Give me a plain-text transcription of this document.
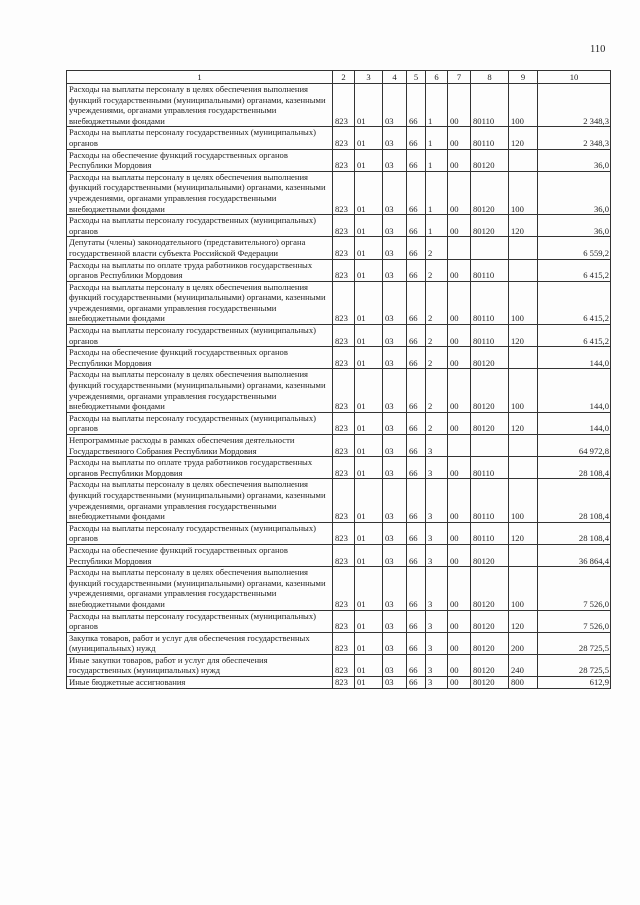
110
1	2	3	4	5	6	7	8	9	10
Расходы на выплаты персоналу в целях обеспечения выполнения функций государственными (муниципальными) органами, казенными учреждениями, органами управления государственными внебюджетными фондами	823	01	03	66	1	00	80110	100	2 348,3
Расходы на выплаты персоналу государственных (муниципальных) органов	823	01	03	66	1	00	80110	120	2 348,3
Расходы на обеспечение функций государственных органов Республики Мордовия	823	01	03	66	1	00	80120		36,0
Расходы на выплаты персоналу в целях обеспечения выполнения функций государственными (муниципальными) органами, казенными учреждениями, органами управления государственными внебюджетными фондами	823	01	03	66	1	00	80120	100	36,0
Расходы на выплаты персоналу государственных (муниципальных) органов	823	01	03	66	1	00	80120	120	36,0
Депутаты (члены) законодательного (представительного) органа государственной власти субъекта Российской Федерации	823	01	03	66	2				6 559,2
Расходы на выплаты по оплате труда работников государственных органов Республики Мордовия	823	01	03	66	2	00	80110		6 415,2
Расходы на выплаты персоналу в целях обеспечения выполнения функций государственными (муниципальными) органами, казенными учреждениями, органами управления государственными внебюджетными фондами	823	01	03	66	2	00	80110	100	6 415,2
Расходы на выплаты персоналу государственных (муниципальных) органов	823	01	03	66	2	00	80110	120	6 415,2
Расходы на обеспечение функций государственных органов Республики Мордовия	823	01	03	66	2	00	80120		144,0
Расходы на выплаты персоналу в целях обеспечения выполнения функций государственными (муниципальными) органами, казенными учреждениями, органами управления государственными внебюджетными фондами	823	01	03	66	2	00	80120	100	144,0
Расходы на выплаты персоналу государственных (муниципальных) органов	823	01	03	66	2	00	80120	120	144,0
Непрограммные расходы в рамках обеспечения деятельности Государственного Собрания Республики Мордовия	823	01	03	66	3				64 972,8
Расходы на выплаты по оплате труда работников государственных органов Республики Мордовия	823	01	03	66	3	00	80110		28 108,4
Расходы на выплаты персоналу в целях обеспечения выполнения функций государственными (муниципальными) органами, казенными учреждениями, органами управления государственными внебюджетными фондами	823	01	03	66	3	00	80110	100	28 108,4
Расходы на выплаты персоналу государственных (муниципальных) органов	823	01	03	66	3	00	80110	120	28 108,4
Расходы на обеспечение функций государственных органов Республики Мордовия	823	01	03	66	3	00	80120		36 864,4
Расходы на выплаты персоналу в целях обеспечения выполнения функций государственными (муниципальными) органами, казенными учреждениями, органами управления государственными внебюджетными фондами	823	01	03	66	3	00	80120	100	7 526,0
Расходы на выплаты персоналу государственных (муниципальных) органов	823	01	03	66	3	00	80120	120	7 526,0
Закупка товаров, работ и услуг для обеспечения государственных (муниципальных) нужд	823	01	03	66	3	00	80120	200	28 725,5
Иные закупки товаров, работ и услуг для обеспечения государственных (муниципальных) нужд	823	01	03	66	3	00	80120	240	28 725,5
Иные бюджетные ассигнования	823	01	03	66	3	00	80120	800	612,9
